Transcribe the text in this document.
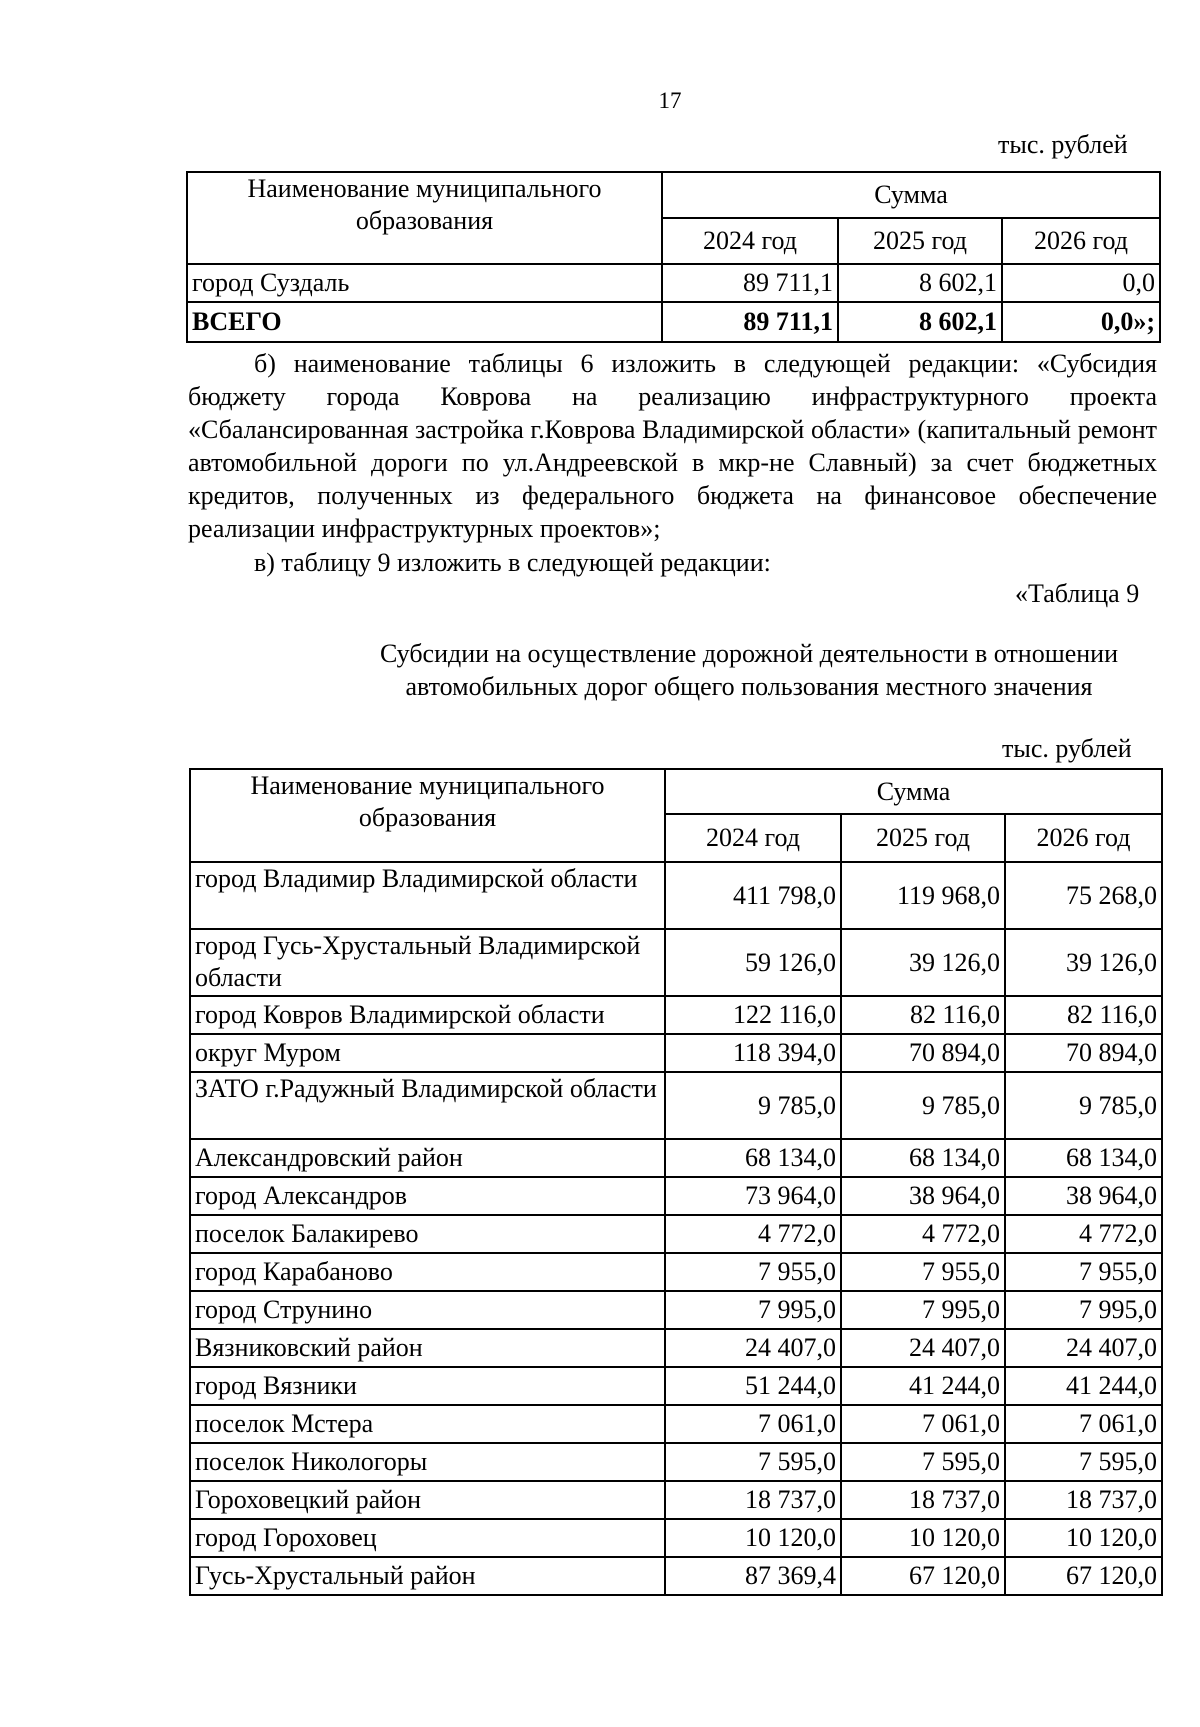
17
тыс. рублей
Наименование муниципального образования	Сумма		
	2024 год	2025 год	2026 год
город Суздаль	89 711,1	8 602,1	0,0
ВСЕГО	89 711,1	8 602,1	0,0»;
б) наименование таблицы 6 изложить в следующей редакции: «Субсидия бюджету города Коврова на реализацию инфраструктурного проекта «Сбалансированная застройка г.Коврова Владимирской области» (капитальный ремонт автомобильной дороги по ул.Андреевской в мкр-не Славный) за счет бюджетных кредитов, полученных из федерального бюджета на финансовое обеспечение реализации инфраструктурных проектов»;
в) таблицу 9 изложить в следующей редакции:
«Таблица 9
Субсидии на осуществление дорожной деятельности в отношении
автомобильных дорог общего пользования местного значения
тыс. рублей
Наименование муниципального образования	Сумма		
	2024 год	2025 год	2026 год
город Владимир Владимирской области	411 798,0	119 968,0	75 268,0
город Гусь-Хрустальный Владимирской области	59 126,0	39 126,0	39 126,0
город Ковров Владимирской области	122 116,0	82 116,0	82 116,0
округ Муром	118 394,0	70 894,0	70 894,0
ЗАТО г.Радужный Владимирской области	9 785,0	9 785,0	9 785,0
Александровский район	68 134,0	68 134,0	68 134,0
город Александров	73 964,0	38 964,0	38 964,0
поселок Балакирево	4 772,0	4 772,0	4 772,0
город Карабаново	7 955,0	7 955,0	7 955,0
город Струнино	7 995,0	7 995,0	7 995,0
Вязниковский район	24 407,0	24 407,0	24 407,0
город Вязники	51 244,0	41 244,0	41 244,0
поселок Мстера	7 061,0	7 061,0	7 061,0
поселок Никологоры	7 595,0	7 595,0	7 595,0
Гороховецкий район	18 737,0	18 737,0	18 737,0
город Гороховец	10 120,0	10 120,0	10 120,0
Гусь-Хрустальный район	87 369,4	67 120,0	67 120,0
